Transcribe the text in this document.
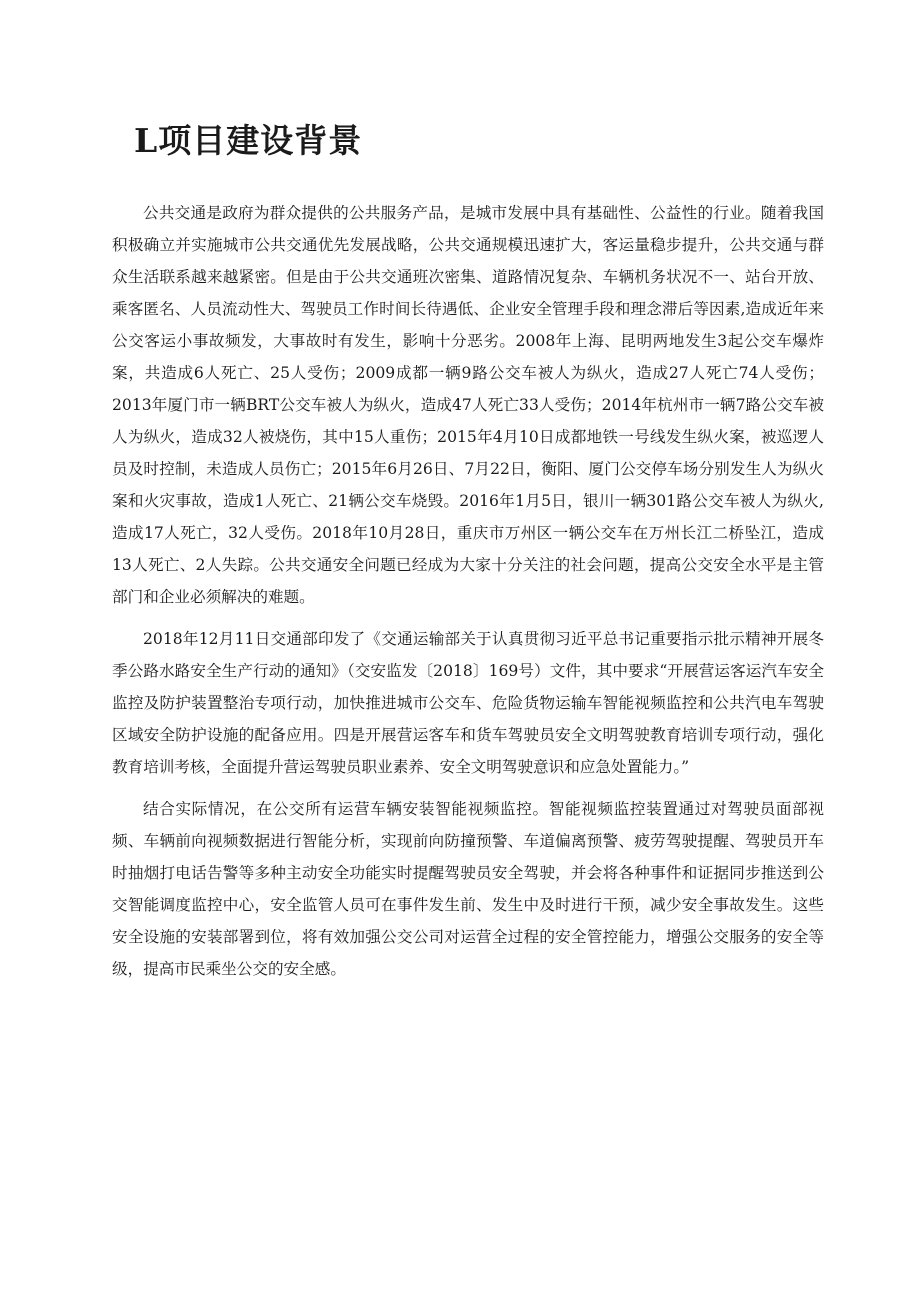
L项目建设背景

公共交通是政府为群众提供的公共服务产品，是城市发展中具有基础性、公益性的行业。随着我国积极确立并实施城市公共交通优先发展战略，公共交通规模迅速扩大，客运量稳步提升，公共交通与群众生活联系越来越紧密。但是由于公共交通班次密集、道路情况复杂、车辆机务状况不一、站台开放、乘客匿名、人员流动性大、驾驶员工作时间长待遇低、企业安全管理手段和理念滞后等因素,造成近年来公交客运小事故频发，大事故时有发生，影响十分恶劣。2008年上海、昆明两地发生3起公交车爆炸案，共造成6人死亡、25人受伤；2009成都一辆9路公交车被人为纵火，造成27人死亡74人受伤；2013年厦门市一辆BRT公交车被人为纵火，造成47人死亡33人受伤；2014年杭州市一辆7路公交车被人为纵火，造成32人被烧伤，其中15人重伤；2015年4月10日成都地铁一号线发生纵火案，被巡逻人员及时控制，未造成人员伤亡；2015年6月26日、7月22日，衡阳、厦门公交停车场分别发生人为纵火案和火灾事故，造成1人死亡、21辆公交车烧毁。2016年1月5日，银川一辆301路公交车被人为纵火,造成17人死亡，32人受伤。2018年10月28日，重庆市万州区一辆公交车在万州长江二桥坠江，造成13人死亡、2人失踪。公共交通安全问题已经成为大家十分关注的社会问题，提高公交安全水平是主管部门和企业必须解决的难题。

2018年12月11日交通部印发了《交通运输部关于认真贯彻习近平总书记重要指示批示精神开展冬季公路水路安全生产行动的通知》（交安监发〔2018〕169号）文件，其中要求“开展营运客运汽车安全监控及防护装置整治专项行动，加快推进城市公交车、危险货物运输车智能视频监控和公共汽电车驾驶区域安全防护设施的配备应用。四是开展营运客车和货车驾驶员安全文明驾驶教育培训专项行动，强化教育培训考核，全面提升营运驾驶员职业素养、安全文明驾驶意识和应急处置能力。”

结合实际情况，在公交所有运营车辆安装智能视频监控。智能视频监控装置通过对驾驶员面部视频、车辆前向视频数据进行智能分析，实现前向防撞预警、车道偏离预警、疲劳驾驶提醒、驾驶员开车时抽烟打电话告警等多种主动安全功能实时提醒驾驶员安全驾驶，并会将各种事件和证据同步推送到公交智能调度监控中心，安全监管人员可在事件发生前、发生中及时进行干预，减少安全事故发生。这些安全设施的安装部署到位，将有效加强公交公司对运营全过程的安全管控能力，增强公交服务的安全等级，提高市民乘坐公交的安全感。
